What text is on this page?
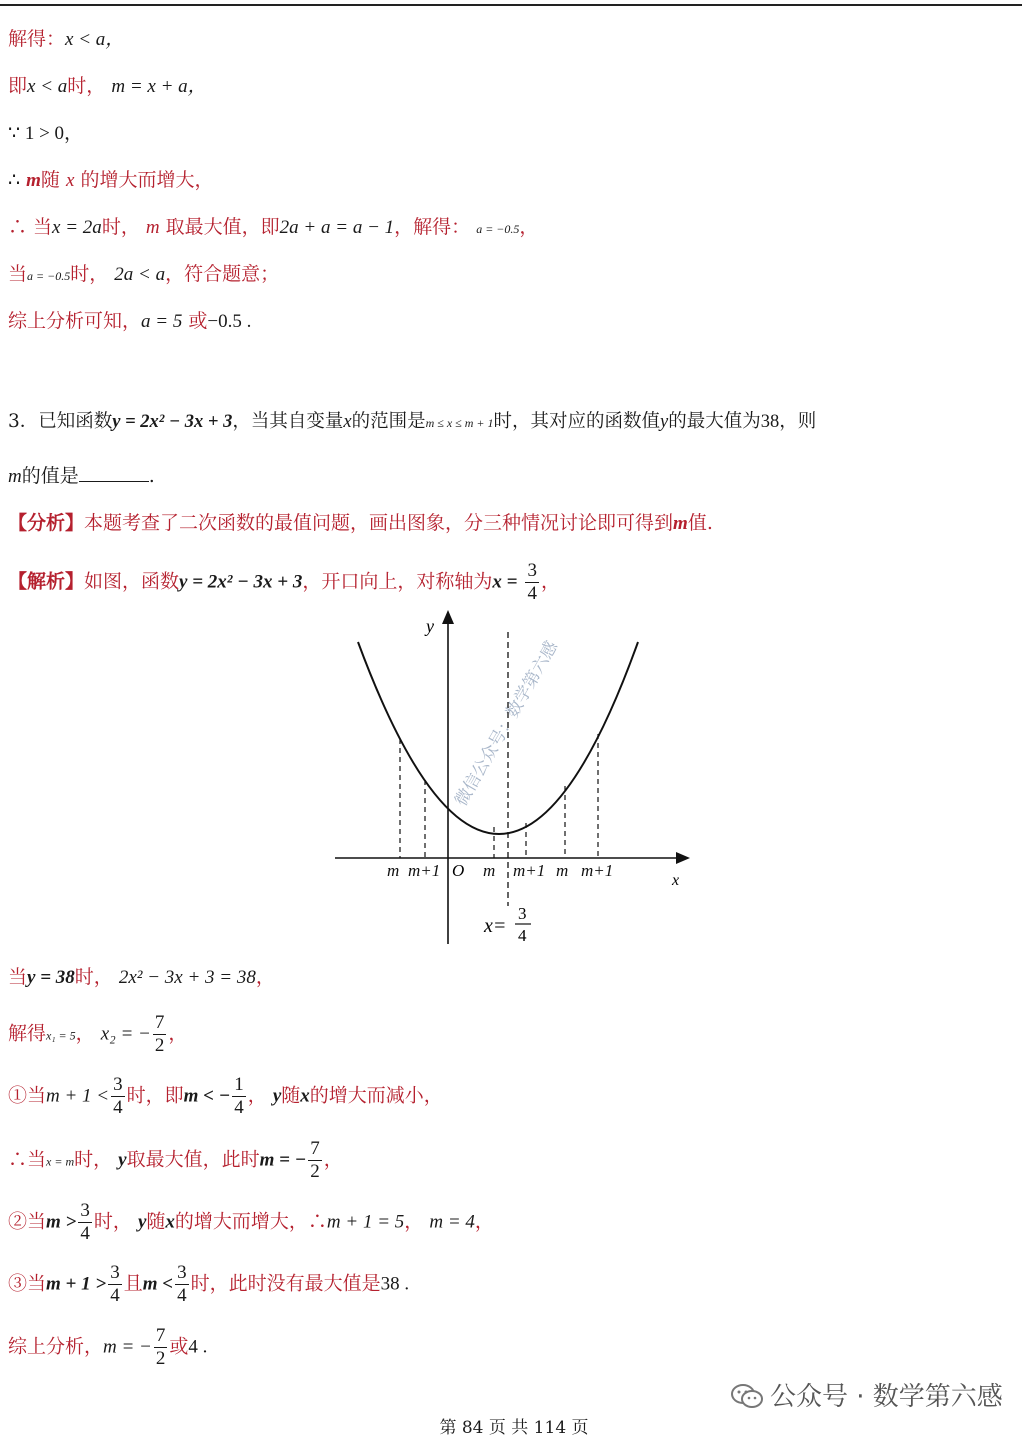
解得：x < a，
即x < a时， m = x + a，
∵ 1 > 0，
∴ m随 x 的增大而增大，
∴ 当x = 2a时， m 取最大值，即2a + a = a − 1，解得： a = −0.5，
当a = −0.5时， 2a < a，符合题意；
综上分析可知，a = 5 或−0.5 .
3．已知函数y = 2x² − 3x + 3，当其自变量x的范围是m ≤ x ≤ m + 1时，其对应的函数值y的最大值为38，则
m的值是	.
【分析】本题考查了二次函数的最值问题，画出图象，分三种情况讨论即可得到m值.
【解析】如图，函数y = 2x² − 3x + 3，开口向上，对称轴为$x = \frac{3}{4}$ ，
微信公众号：数学第六感
y
x
O
m m+1	m m+1 m m+1
x=
3
4
当y = 38时， 2x² − 3x + 3 = 38，
解得x₁ = 5， x₂ = − $\frac{7}{2}$ ，
①当$m + 1 < \frac{3}{4}$ 时，即m < − $\frac{1}{4}$ ， y随x的增大而减小，
∴当x = m时， y取最大值，此时m = − $\frac{7}{2}$ ，
②当$m > \frac{3}{4}$ 时， y随x的增大而增大，∴m + 1 = 5， m = 4，
③当$m + 1 > \frac{3}{4}$ 且$m < \frac{3}{4}$ 时，此时没有最大值是38 .
综上分析，m = − $\frac{7}{2}$ 或4 .
公众号 · 数学第六感
第 84 页 共 114 页
